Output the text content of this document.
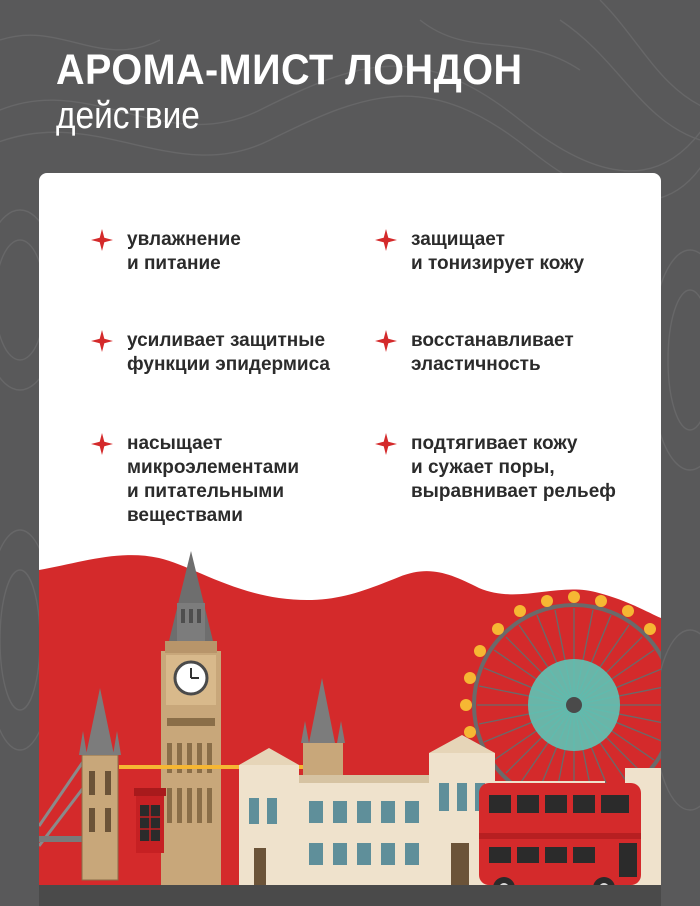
АРОМА-МИСТ ЛОНДОН
действие
увлажнение
и питание
защищает
и тонизирует кожу
усиливает защитные
функции эпидермиса
восстанавливает
эластичность
насыщает
микроэлементами
и питательными
веществами
подтягивает кожу
и сужает поры,
выравнивает рельеф
